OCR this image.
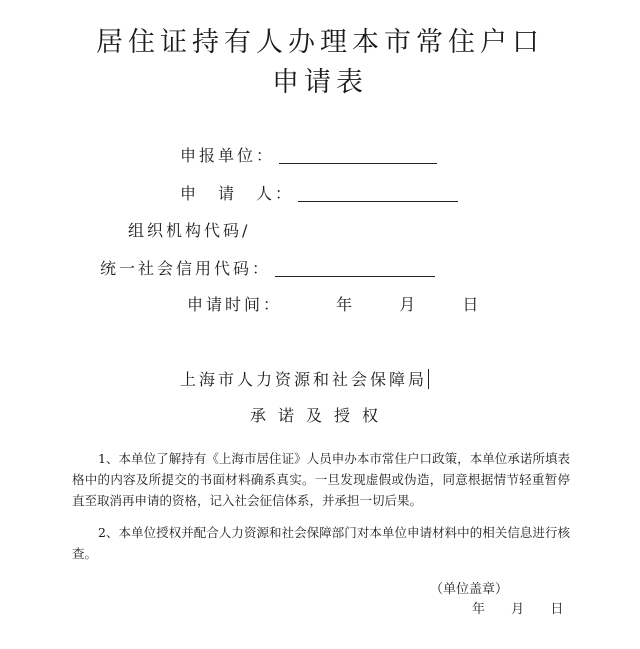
居住证持有人办理本市常住户口
申请表
申报单位：
申　请　人：
组织机构代码/
统一社会信用代码：
申请时间：	年	月	日
上海市人力资源和社会保障局
承诺及授权

1、本单位了解持有《上海市居住证》人员申办本市常住户口政策，本单位承诺所填表格中的内容及所提交的书面材料确系真实。一旦发现虚假或伪造，同意根据情节轻重暂停直至取消再申请的资格，记入社会征信体系，并承担一切后果。

2、本单位授权并配合人力资源和社会保障部门对本单位申请材料中的相关信息进行核查。

（单位盖章）
年 月 日
